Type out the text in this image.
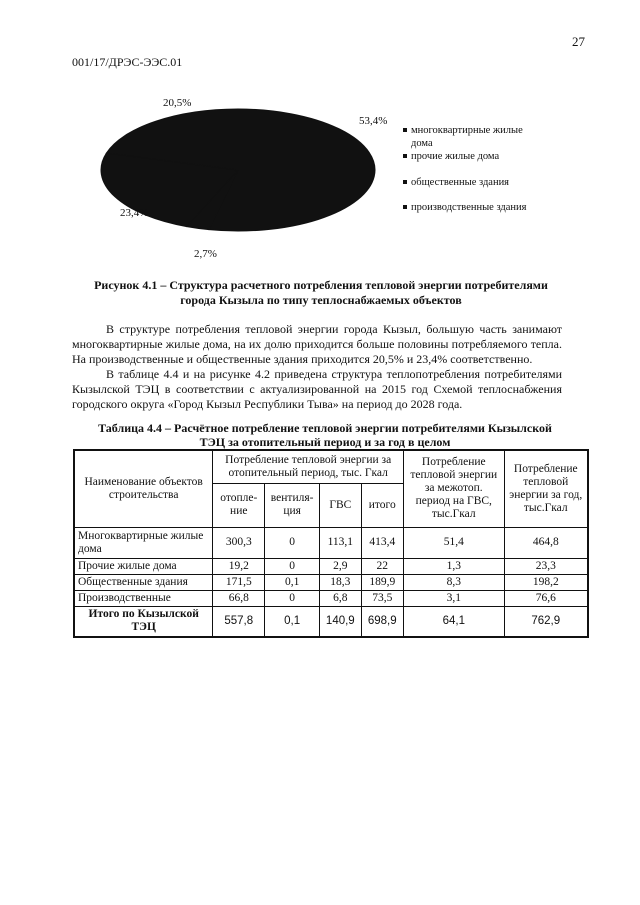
27
001/17/ДРЭС-ЭЭС.01
53,4%
20,5%
23,4%
2,7%
многоквартирные жилые
дома
прочие жилые дома
общественные здания
производственные здания
Рисунок 4.1 – Структура расчетного потребления тепловой энергии потребителями
города Кызыла по типу теплоснабжаемых объектов
В структуре потребления тепловой энергии города Кызыл, большую часть занимают многоквартирные жилые дома, на их долю приходится больше половины потребляемого тепла. На производственные и общественные здания приходится 20,5% и 23,4% соответственно.
В таблице 4.4 и на рисунке 4.2 приведена структура теплопотребления потребителями Кызылской ТЭЦ в соответствии с актуализированной на 2015 год Схемой теплоснабжения городского округа «Город Кызыл Республики Тыва» на период до 2028 года.
Таблица 4.4 – Расчётное потребление тепловой энергии потребителями Кызылской
ТЭЦ за отопительный период и за год в целом
Наименование объектов строительства	Потребление тепловой энергии за отопительный период, тыс. Гкал				Потребление тепловой энергии за межотоп. период на ГВС, тыс.Гкал	Потребление тепловой энергии за год, тыс.Гкал
	отопле-ние	вентиля-ция	ГВС	итого		
Многоквартирные жилые дома	300,3	0	113,1	413,4	51,4	464,8
Прочие жилые дома	19,2	0	2,9	22	1,3	23,3
Общественные здания	171,5	0,1	18,3	189,9	8,3	198,2
Производственные	66,8	0	6,8	73,5	3,1	76,6
Итого по Кызылской ТЭЦ	557,8	0,1	140,9	698,9	64,1	762,9
